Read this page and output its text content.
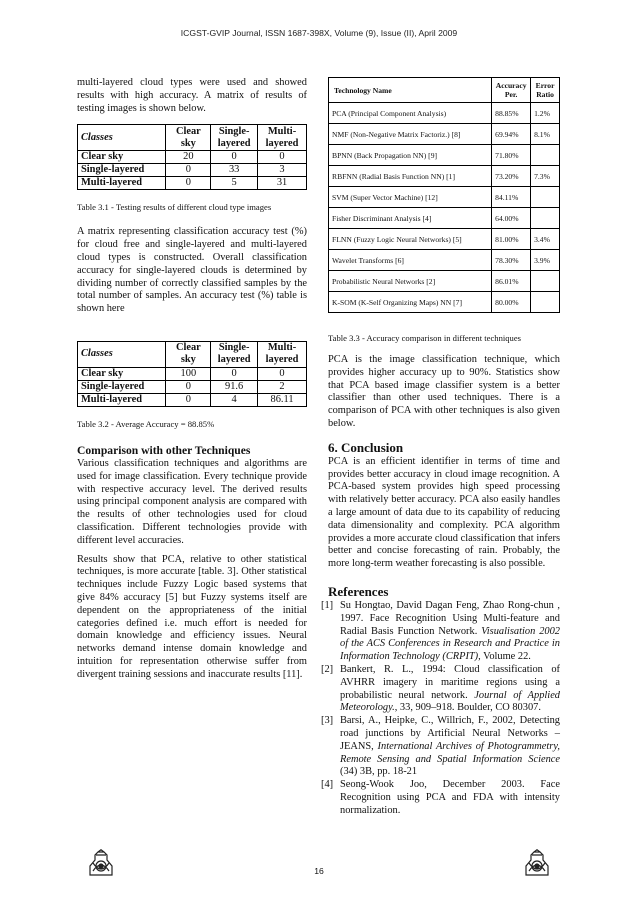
ICGST-GVIP Journal, ISSN 1687-398X, Volume (9), Issue (II), April 2009

multi-layered cloud types were used and showed results with high accuracy. A matrix of results of testing images is shown below.

Classes	Clear sky	Single-layered	Multi-layered
Clear sky	20	0	0
Single-layered	0	33	3
Multi-layered	0	5	31

Table 3.1 - Testing results of different cloud type images

A matrix representing classification accuracy test (%) for cloud free and single-layered and multi-layered cloud types is constructed. Overall classification accuracy for single-layered clouds is determined by dividing number of correctly classified samples by the total number of samples. An accuracy test (%) table is shown here

Classes	Clear sky	Single-layered	Multi-layered
Clear sky	100	0	0
Single-layered	0	91.6	2
Multi-layered	0	4	86.11

Table 3.2 - Average Accuracy = 88.85%

Comparison with other Techniques

Various classification techniques and algorithms are used for image classification. Every technique provide with respective accuracy level. The derived results using principal component analysis are compared with the results of other technologies used for cloud classification. Different technologies provide with different level accuracies.

Results show that PCA, relative to other statistical techniques, is more accurate [table. 3]. Other statistical techniques include Fuzzy Logic based systems that give 84% accuracy [5] but Fuzzy systems itself are dependent on the appropriateness of the initial categories defined i.e. much effort is needed for domain knowledge and efficiency issues. Neural networks demand intense domain knowledge and intuition for representation otherwise suffer from divergent training sessions and inaccurate results [11].

Technology Name	Accuracy Per.	Error Ratio
PCA (Principal Component Analysis)	88.85%	1.2%
NMF (Non-Negative Matrix Factoriz.) [8]	69.94%	8.1%
BPNN (Back Propagation NN) [9]	71.80%	
RBFNN (Radial Basis Function NN) [1]	73.20%	7.3%
SVM (Super Vector Machine) [12]	84.11%	
Fisher Discriminant Analysis [4]	64.00%	
FLNN (Fuzzy Logic Neural Networks) [5]	81.00%	3.4%
Wavelet Transforms [6]	78.30%	3.9%
Probabilistic Neural Networks [2]	86.01%	
K-SOM (K-Self Organizing Maps) NN [7]	80.00%	

Table 3.3 - Accuracy comparison in different techniques

PCA is the image classification technique, which provides higher accuracy up to 90%. Statistics show that PCA based image classifier system is a better classifier than other used techniques. There is a comparison of PCA with other techniques is also given below.

6. Conclusion

PCA is an efficient identifier in terms of time and provides better accuracy in cloud image recognition. A PCA-based system provides high speed processing with relatively better accuracy. PCA also easily handles a large amount of data due to its capability of reducing data dimensionality and complexity. PCA algorithm provides a more accurate cloud classification that infers better and concise forecasting of rain. Probably, the more long-term weather forecasting is also possible.

References

[1] Su Hongtao, David Dagan Feng, Zhao Rong-chun , 1997. Face Recognition Using Multi-feature and Radial Basis Function Network. Visualisation 2002 of the ACS Conferences in Research and Practice in Information Technology (CRPIT), Volume 22.
[2] Bankert, R. L., 1994: Cloud classification of AVHRR imagery in maritime regions using a probabilistic neural network. Journal of Applied Meteorology., 33, 909–918. Boulder, CO 80307.
[3] Barsi, A., Heipke, C., Willrich, F., 2002, Detecting road junctions by Artificial Neural Networks – JEANS, International Archives of Photogrammetry, Remote Sensing and Spatial Information Science (34) 3B, pp. 18-21
[4] Seong-Wook Joo, December 2003. Face Recognition using PCA and FDA with intensity normalization.
16
